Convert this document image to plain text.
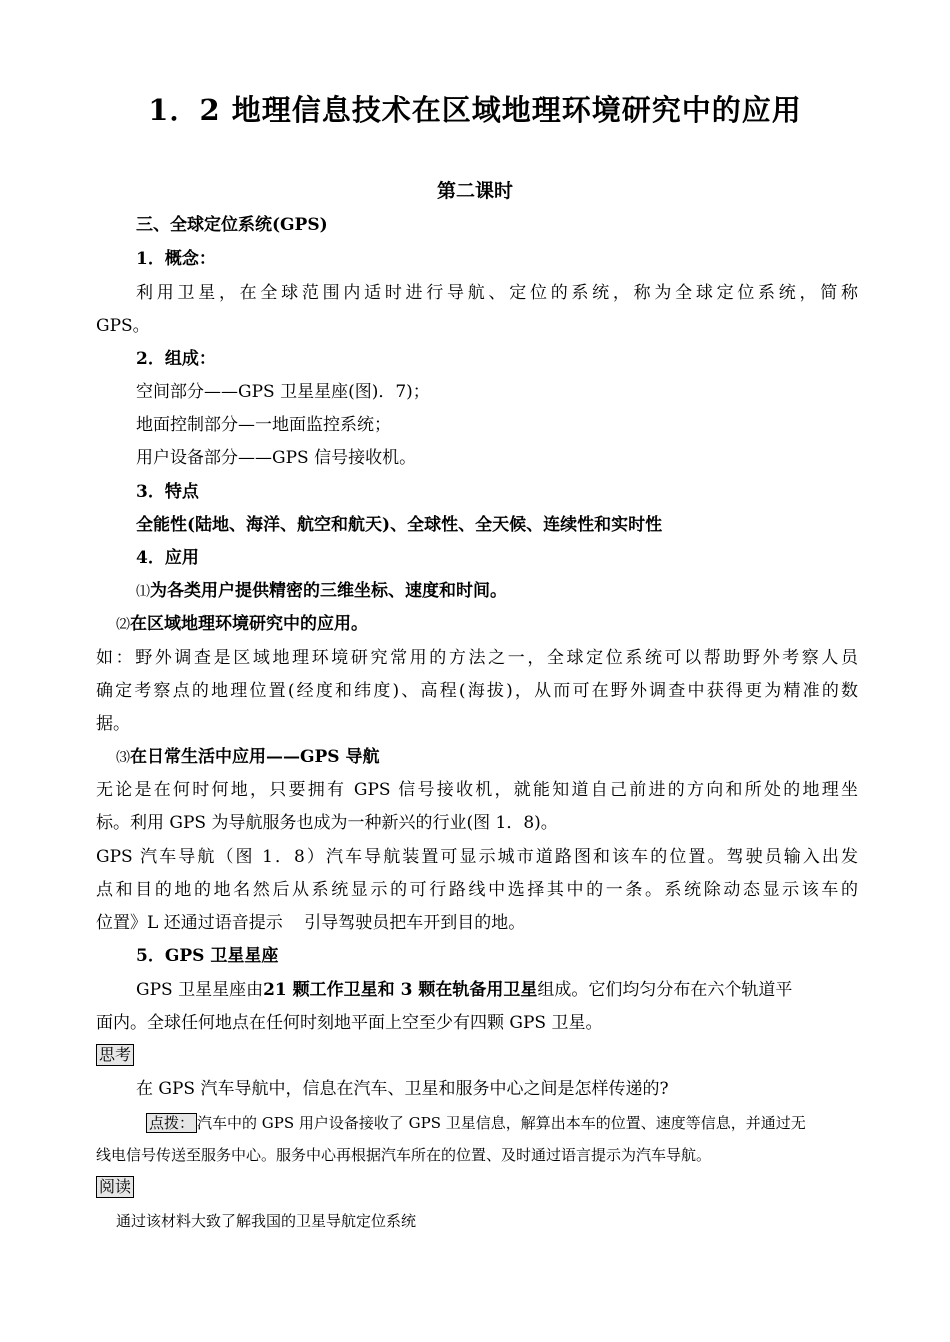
1．2 地理信息技术在区域地理环境研究中的应用
第二课时
三、全球定位系统(GPS)
1．概念：
利用卫星，在全球范围内适时进行导航、定位的系统，称为全球定位系统，简称
GPS。
2．组成：
空间部分——GPS 卫星星座(图)．7)；
地面控制部分—一地面监控系统；
用户设备部分——GPS 信号接收机。
3．特点
全能性(陆地、海洋、航空和航天)、全球性、全天候、连续性和实时性
4．应用
⑴为各类用户提供精密的三维坐标、速度和时间。
⑵在区域地理环境研究中的应用。
如：野外调查是区域地理环境研究常用的方法之一，全球定位系统可以帮助野外考察人员
确定考察点的地理位置(经度和纬度)、高程(海拔)，从而可在野外调查中获得更为精准的数
据。
⑶在日常生活中应用——GPS 导航
无论是在何时何地，只要拥有 GPS 信号接收机，就能知道自己前进的方向和所处的地理坐
标。利用 GPS 为导航服务也成为一种新兴的行业(图 1．8)。
GPS 汽车导航（图 1．8）汽车导航装置可显示城市道路图和该车的位置。驾驶员输入出发
点和目的地的地名然后从系统显示的可行路线中选择其中的一条。系统除动态显示该车的
位置》L 还通过语音提示    引导驾驶员把车开到目的地。
5．GPS 卫星星座
GPS 卫星星座由21 颗工作卫星和 3 颗在轨备用卫星组成。它们均匀分布在六个轨道平
面内。全球任何地点在任何时刻地平面上空至少有四颗 GPS 卫星。
思考
在 GPS 汽车导航中，信息在汽车、卫星和服务中心之间是怎样传递的?
点拨： 汽车中的 GPS 用户设备接收了 GPS 卫星信息，解算出本车的位置、速度等信息，并通过无
线电信号传送至服务中心。服务中心再根据汽车所在的位置、及时通过语言提示为汽车导航。
阅读
通过该材料大致了解我国的卫星导航定位系统
